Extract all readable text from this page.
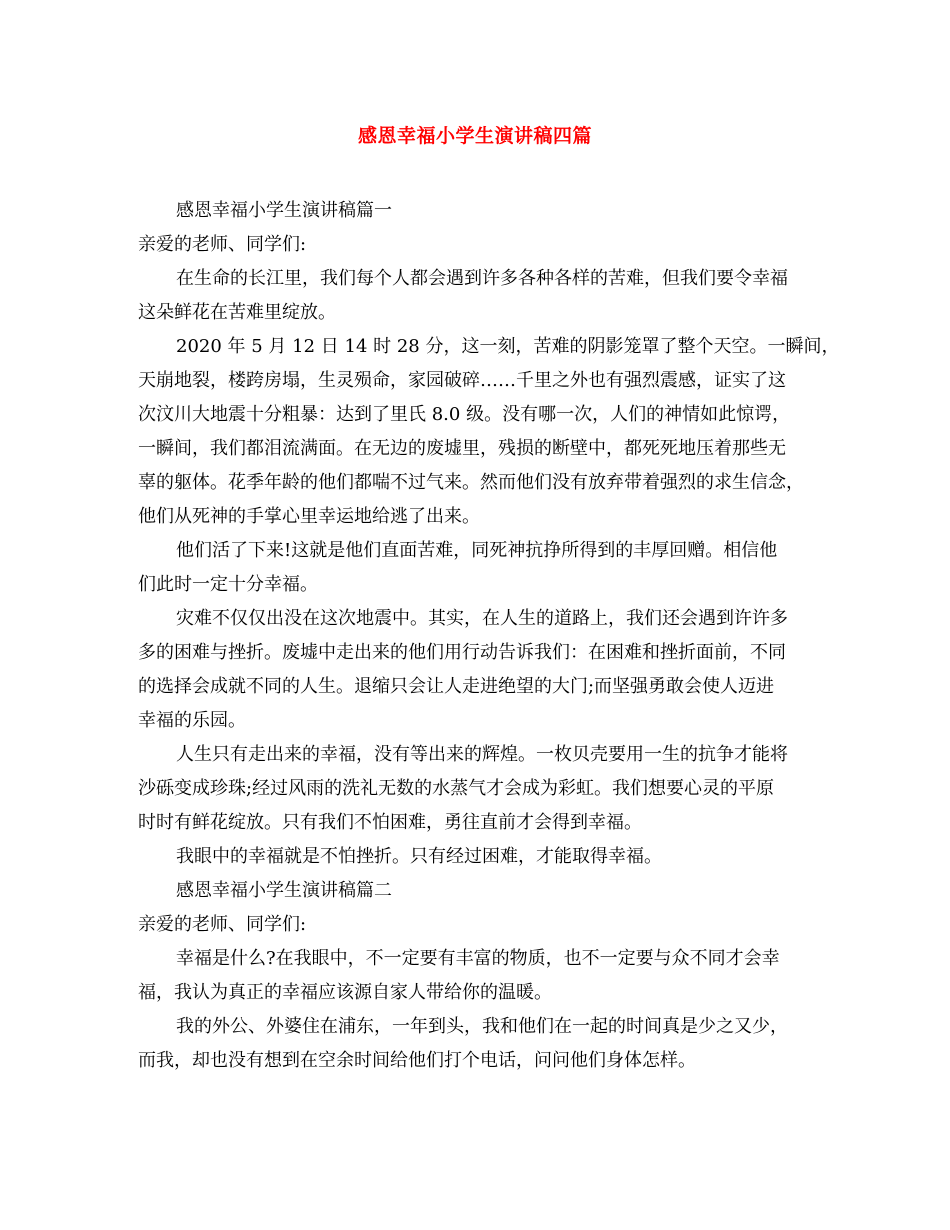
感恩幸福小学生演讲稿四篇
感恩幸福小学生演讲稿篇一
亲爱的老师、同学们:
在生命的长江里，我们每个人都会遇到许多各种各样的苦难，但我们要令幸福
这朵鲜花在苦难里绽放。
2020 年 5 月 12 日 14 时 28 分，这一刻，苦难的阴影笼罩了整个天空。一瞬间，
天崩地裂，楼跨房塌，生灵殒命，家园破碎……千里之外也有强烈震感，证实了这
次汶川大地震十分粗暴：达到了里氏 8.0 级。没有哪一次，人们的神情如此惊谔，
一瞬间，我们都泪流满面。在无边的废墟里，残损的断壁中，都死死地压着那些无
辜的躯体。花季年龄的他们都喘不过气来。然而他们没有放弃带着强烈的求生信念，
他们从死神的手掌心里幸运地给逃了出来。
他们活了下来!这就是他们直面苦难，同死神抗挣所得到的丰厚回赠。相信他
们此时一定十分幸福。
灾难不仅仅出没在这次地震中。其实，在人生的道路上，我们还会遇到许许多
多的困难与挫折。废墟中走出来的他们用行动告诉我们：在困难和挫折面前，不同
的选择会成就不同的人生。退缩只会让人走进绝望的大门;而坚强勇敢会使人迈进
幸福的乐园。
人生只有走出来的幸福，没有等出来的辉煌。一枚贝壳要用一生的抗争才能将
沙砾变成珍珠;经过风雨的洗礼无数的水蒸气才会成为彩虹。我们想要心灵的平原
时时有鲜花绽放。只有我们不怕困难，勇往直前才会得到幸福。
我眼中的幸福就是不怕挫折。只有经过困难，才能取得幸福。
感恩幸福小学生演讲稿篇二
亲爱的老师、同学们:
幸福是什么?在我眼中，不一定要有丰富的物质，也不一定要与众不同才会幸
福，我认为真正的幸福应该源自家人带给你的温暖。
我的外公、外婆住在浦东，一年到头，我和他们在一起的时间真是少之又少，
而我，却也没有想到在空余时间给他们打个电话，问问他们身体怎样。
